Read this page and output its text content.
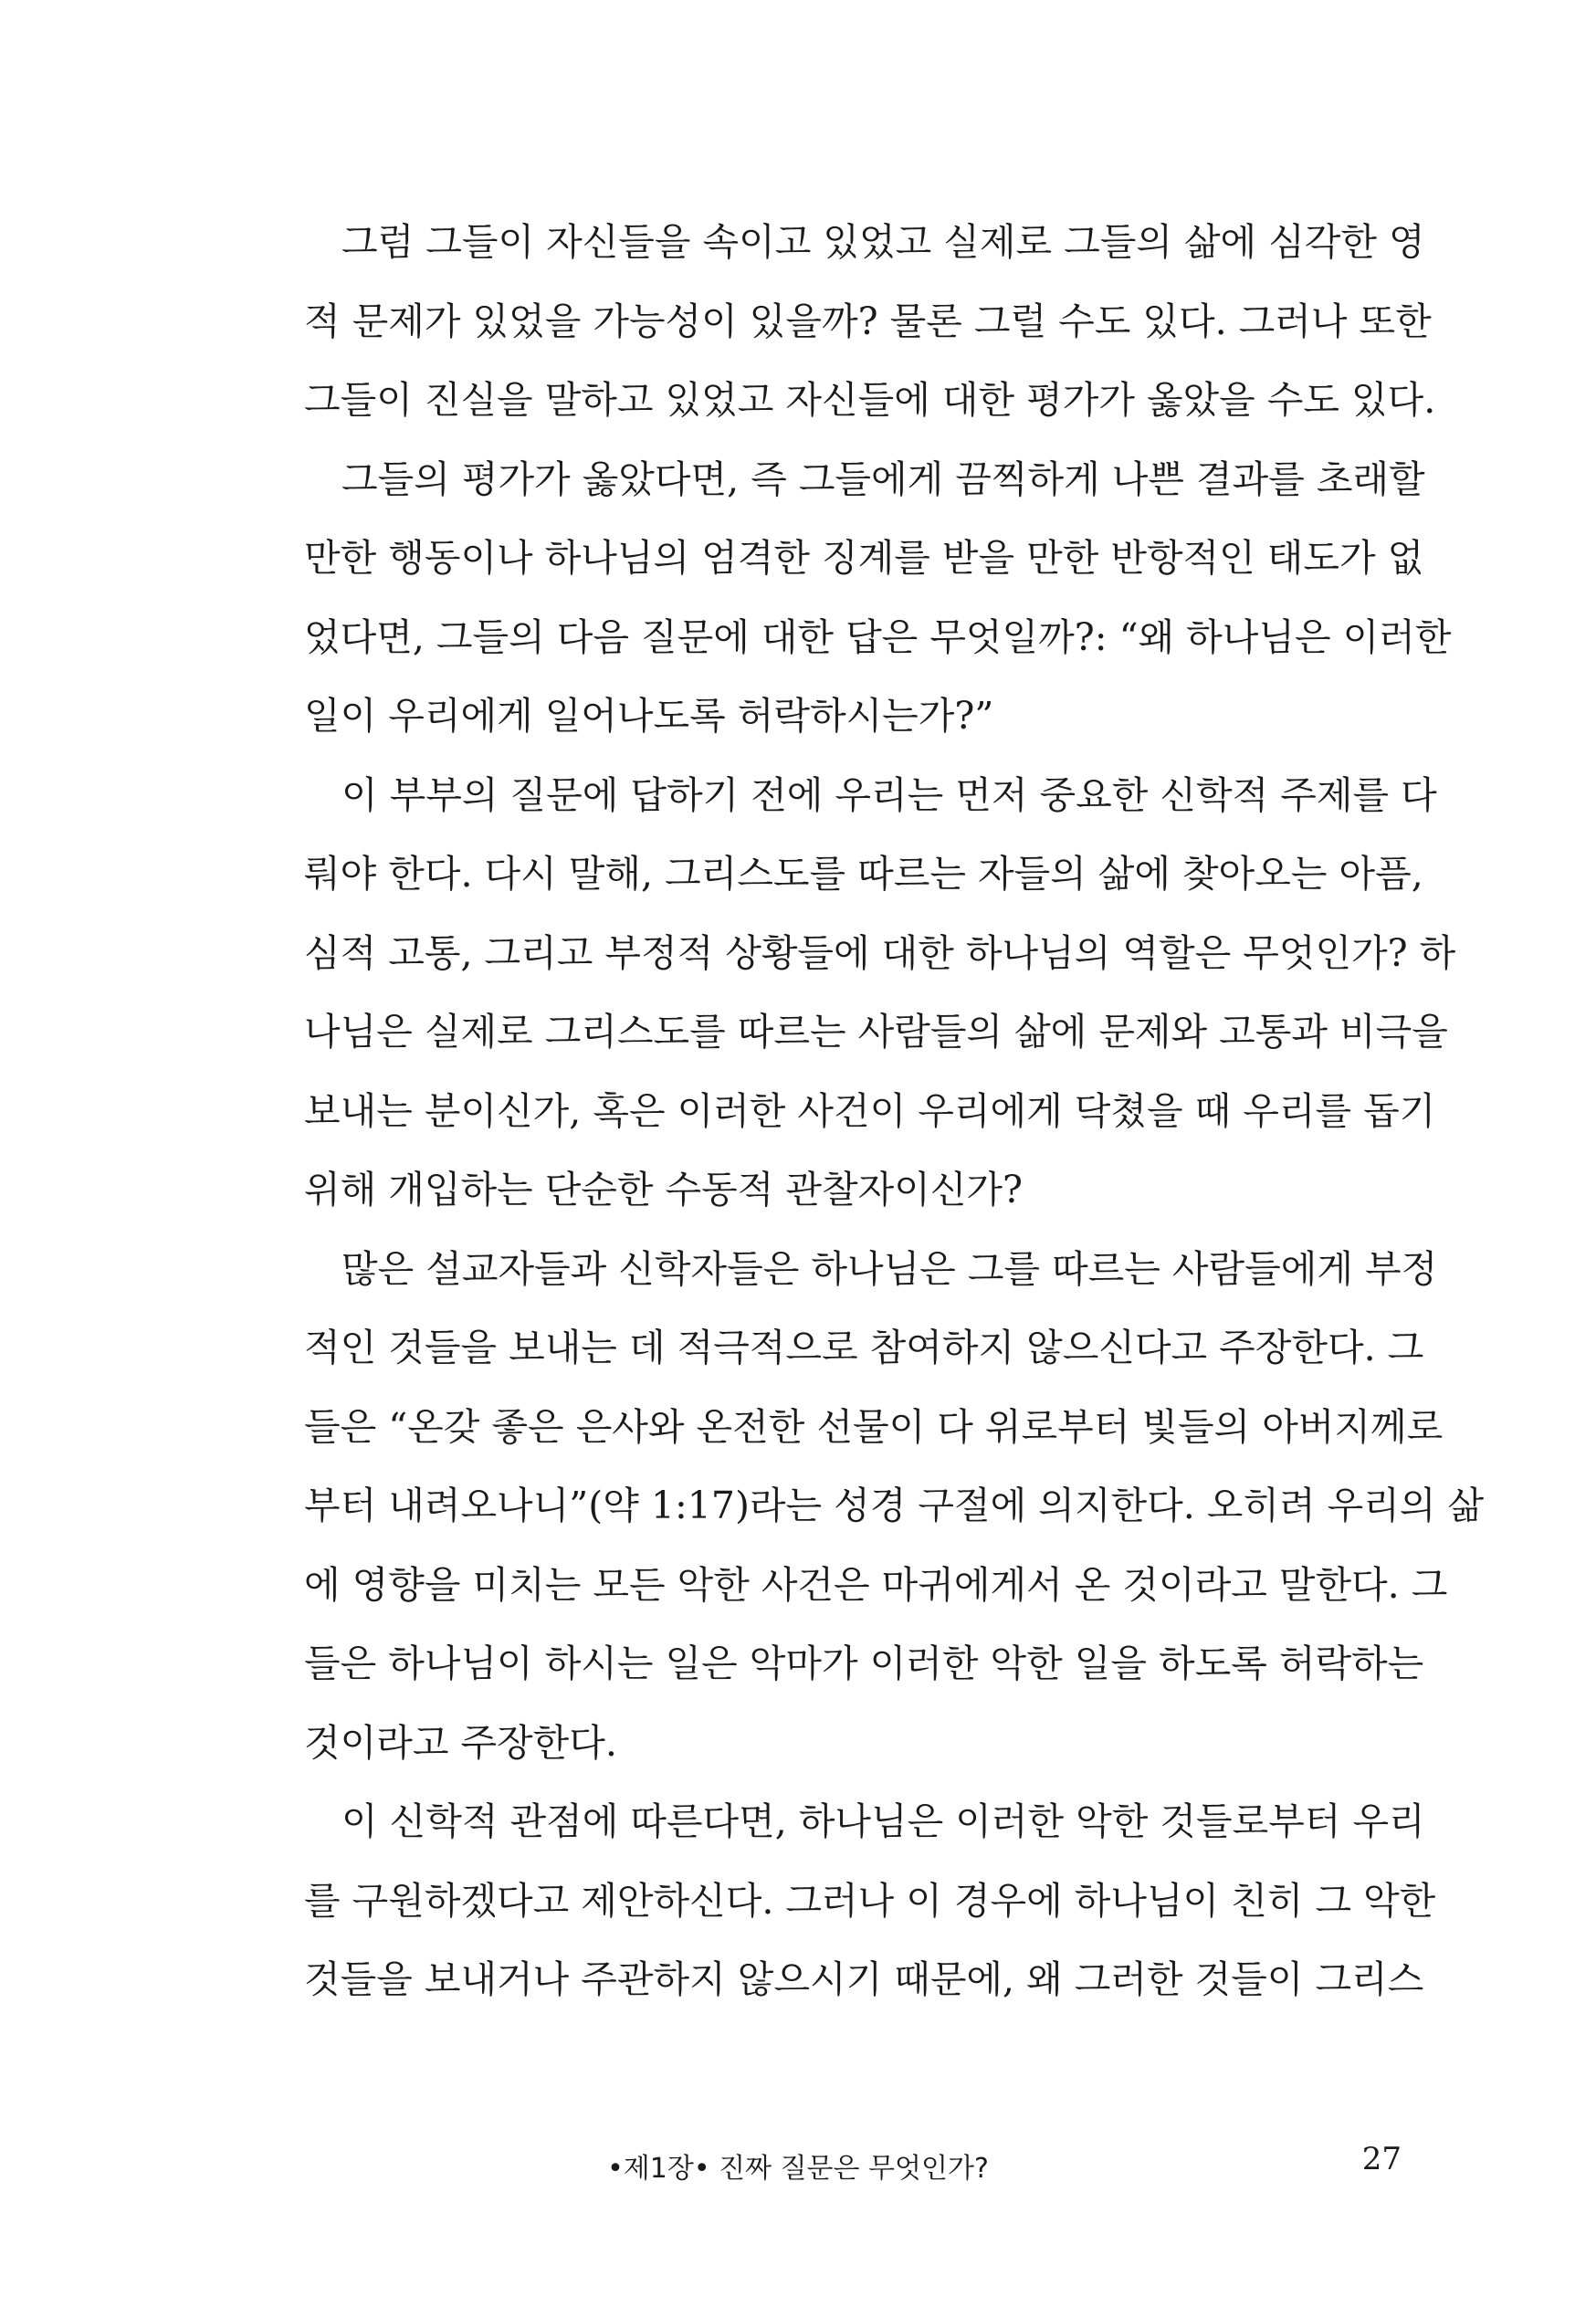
　그럼 그들이 자신들을 속이고 있었고 실제로 그들의 삶에 심각한 영
적 문제가 있었을 가능성이 있을까? 물론 그럴 수도 있다. 그러나 또한
그들이 진실을 말하고 있었고 자신들에 대한 평가가 옳았을 수도 있다.
　그들의 평가가 옳았다면, 즉 그들에게 끔찍하게 나쁜 결과를 초래할
만한 행동이나 하나님의 엄격한 징계를 받을 만한 반항적인 태도가 없
었다면, 그들의 다음 질문에 대한 답은 무엇일까?: “왜 하나님은 이러한
일이 우리에게 일어나도록 허락하시는가?”
　이 부부의 질문에 답하기 전에 우리는 먼저 중요한 신학적 주제를 다
뤄야 한다. 다시 말해, 그리스도를 따르는 자들의 삶에 찾아오는 아픔,
심적 고통, 그리고 부정적 상황들에 대한 하나님의 역할은 무엇인가? 하
나님은 실제로 그리스도를 따르는 사람들의 삶에 문제와 고통과 비극을
보내는 분이신가, 혹은 이러한 사건이 우리에게 닥쳤을 때 우리를 돕기
위해 개입하는 단순한 수동적 관찰자이신가?
　많은 설교자들과 신학자들은 하나님은 그를 따르는 사람들에게 부정
적인 것들을 보내는 데 적극적으로 참여하지 않으신다고 주장한다. 그
들은 “온갖 좋은 은사와 온전한 선물이 다 위로부터 빛들의 아버지께로
부터 내려오나니”(약 1:17)라는 성경 구절에 의지한다. 오히려 우리의 삶
에 영향을 미치는 모든 악한 사건은 마귀에게서 온 것이라고 말한다. 그
들은 하나님이 하시는 일은 악마가 이러한 악한 일을 하도록 허락하는
것이라고 주장한다.
　이 신학적 관점에 따른다면, 하나님은 이러한 악한 것들로부터 우리
를 구원하겠다고 제안하신다. 그러나 이 경우에 하나님이 친히 그 악한
것들을 보내거나 주관하지 않으시기 때문에, 왜 그러한 것들이 그리스
•제1장• 진짜 질문은 무엇인가?	27
